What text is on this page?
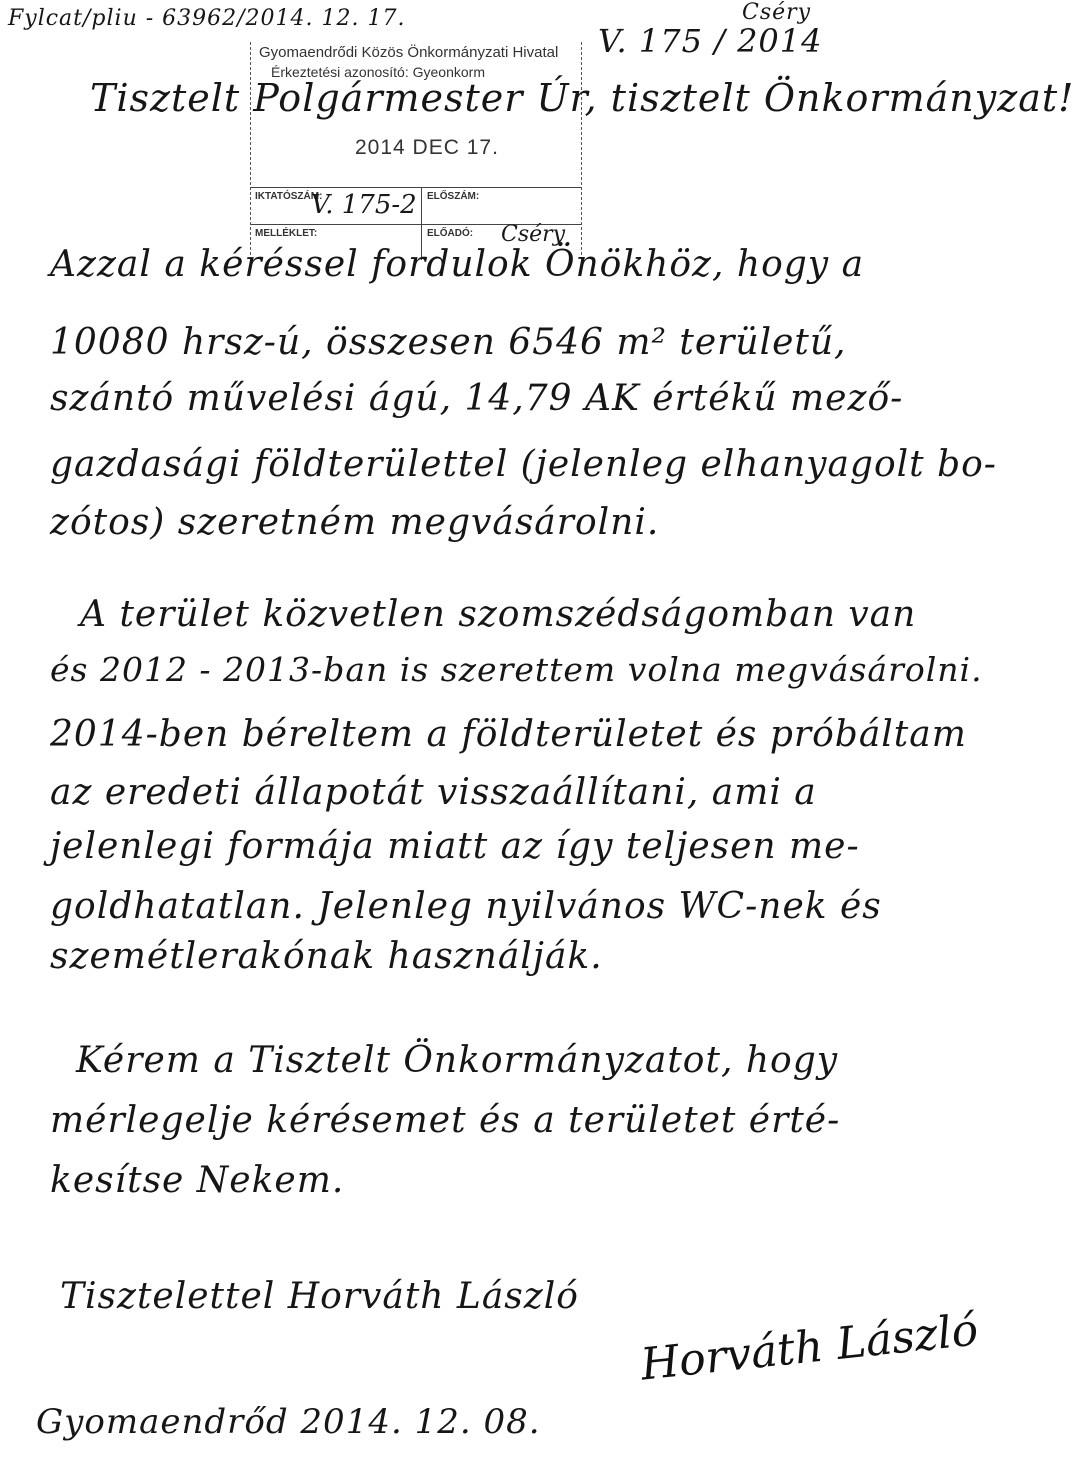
Fylcat/pliu - 63962/2014. 12. 17.
V. 175 / 2014
Cséry
Gyomaendrődi Közös Önkormányzati Hivatal
Érkeztetési azonosító: Gyeonkorm
2014 DEC 17.
IKTATÓSZÁM:
V. 175-2 ELŐSZÁM:
MELLÉKLET:	ELŐADÓ: Cséry
Tisztelt Polgármester Úr, tisztelt Önkormányzat!
Azzal a kéréssel fordulok Önökhöz, hogy a
10080 hrsz-ú, összesen 6546 m² területű,
szántó művelési ágú, 14,79 AK értékű mező-
gazdasági földterülettel (jelenleg elhanyagolt bo-
zótos) szeretném megvásárolni.
A terület közvetlen szomszédságomban van
és 2012 - 2013-ban is szerettem volna megvásárolni.
2014-ben béreltem a földterületet és próbáltam
az eredeti állapotát visszaállítani, ami a
jelenlegi formája miatt az így teljesen me-
goldhatatlan. Jelenleg nyilvános WC-nek és
szemétlerakónak használják.
Kérem a Tisztelt Önkormányzatot, hogy
mérlegelje kérésemet és a területet érté-
kesítse Nekem.
Tisztelettel Horváth László
Horváth László
Gyomaendrőd 2014. 12. 08.
